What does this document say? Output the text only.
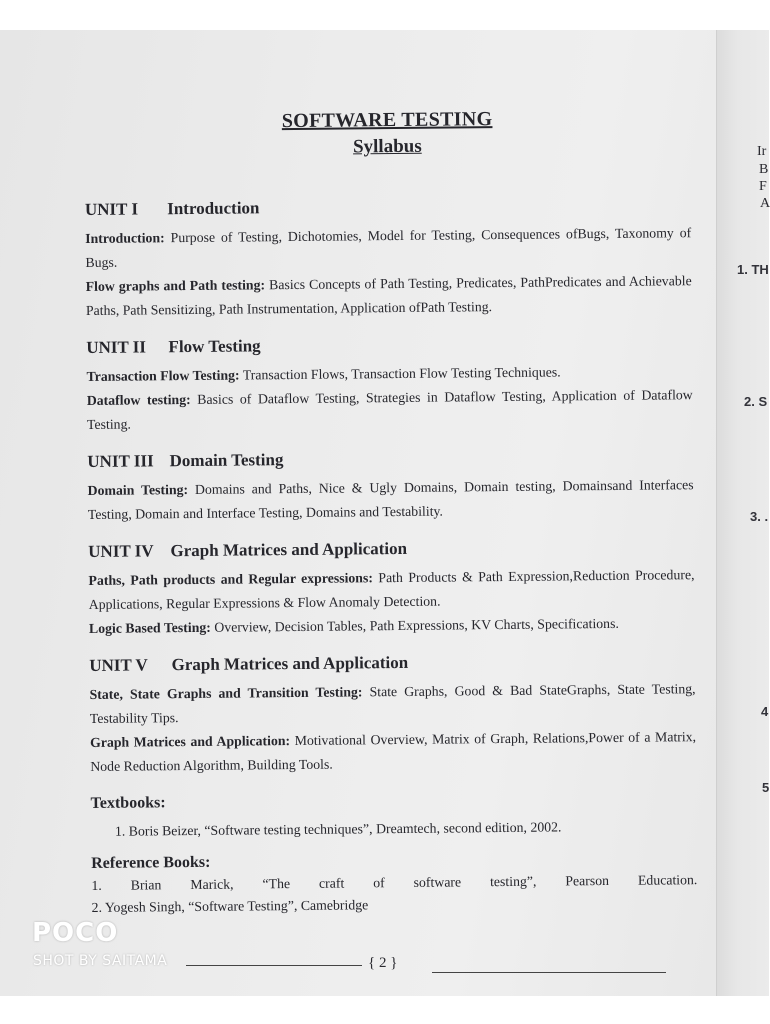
Ir
B
F
A
1. TH
2. S
3. .
4
5
SOFTWARE TESTING
Syllabus
UNIT I Introduction

Introduction: Purpose of Testing, Dichotomies, Model for Testing, Consequences ofBugs, Taxonomy of Bugs.

Flow graphs and Path testing: Basics Concepts of Path Testing, Predicates, PathPredicates and Achievable Paths, Path Sensitizing, Path Instrumentation, Application ofPath Testing.

UNIT II Flow Testing

Transaction Flow Testing: Transaction Flows, Transaction Flow Testing Techniques.

Dataflow testing: Basics of Dataflow Testing, Strategies in Dataflow Testing, Application of Dataflow Testing.

UNIT III Domain Testing

Domain Testing: Domains and Paths, Nice & Ugly Domains, Domain testing, Domainsand Interfaces Testing, Domain and Interface Testing, Domains and Testability.

UNIT IV Graph Matrices and Application

Paths, Path products and Regular expressions: Path Products & Path Expression,Reduction Procedure, Applications, Regular Expressions & Flow Anomaly Detection.

Logic Based Testing: Overview, Decision Tables, Path Expressions, KV Charts, Specifications.

UNIT V Graph Matrices and Application

State, State Graphs and Transition Testing: State Graphs, Good & Bad StateGraphs, State Testing, Testability Tips.

Graph Matrices and Application: Motivational Overview, Matrix of Graph, Relations,Power of a Matrix, Node Reduction Algorithm, Building Tools.

Textbooks:
1. Boris Beizer, “Software testing techniques”, Dreamtech, second edition, 2002.
Reference Books:
1. Brian Marick, “The craft of software testing”, Pearson Education.
2. Yogesh Singh, “Software Testing”, Camebridge
{ 2 }
POCO
SHOT BY SAITAMA
